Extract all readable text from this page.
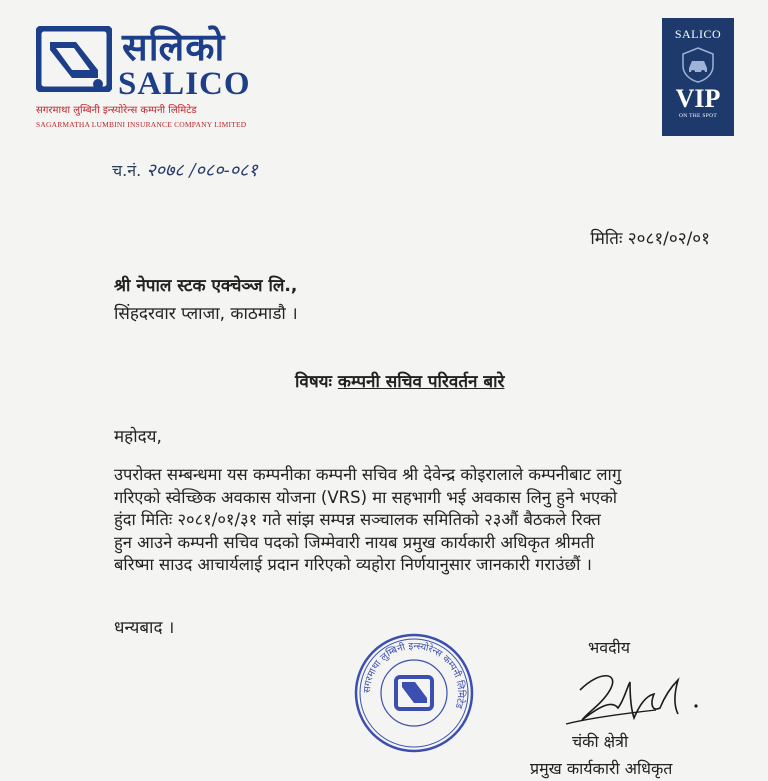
सलिको
SALICO
सगरमाथा लुम्बिनी इन्स्योरेन्स कम्पनी लिमिटेड
SAGARMATHA LUMBINI INSURANCE COMPANY LIMITED
SALICO
VIP
ON THE SPOT
च.नं. २०७८ /०८०-०८१
मितिः २०८१/०२/०१
श्री नेपाल स्टक एक्चेञ्ज लि.,
सिंहदरवार प्लाजा, काठमाडौ ।
विषयः कम्पनी सचिव परिवर्तन बारे
महोदय,

उपरोक्त सम्बन्धमा यस कम्पनीका कम्पनी सचिव श्री देवेन्द्र कोइरालाले कम्पनीबाट लागु

गरिएको स्वेच्छिक अवकास योजना (VRS) मा सहभागी भई अवकास लिनु हुने भएको

हुंदा मितिः २०८१/०१/३१ गते सांझ सम्पन्न सञ्चालक समितिको २३औं बैठकले रिक्त

हुन आउने कम्पनी सचिव पदको जिम्मेवारी नायब प्रमुख कार्यकारी अधिकृत श्रीमती

बरिष्मा साउद आचार्यलाई प्रदान गरिएको व्यहोरा निर्णयानुसार जानकारी गराउंछौं ।

धन्यबाद ।
सगरमाथा लुम्बिनी इन्स्योरेन्स कम्पनी लिमिटेड
भवदीय
चंकी क्षेत्री
प्रमुख कार्यकारी अधिकृत
